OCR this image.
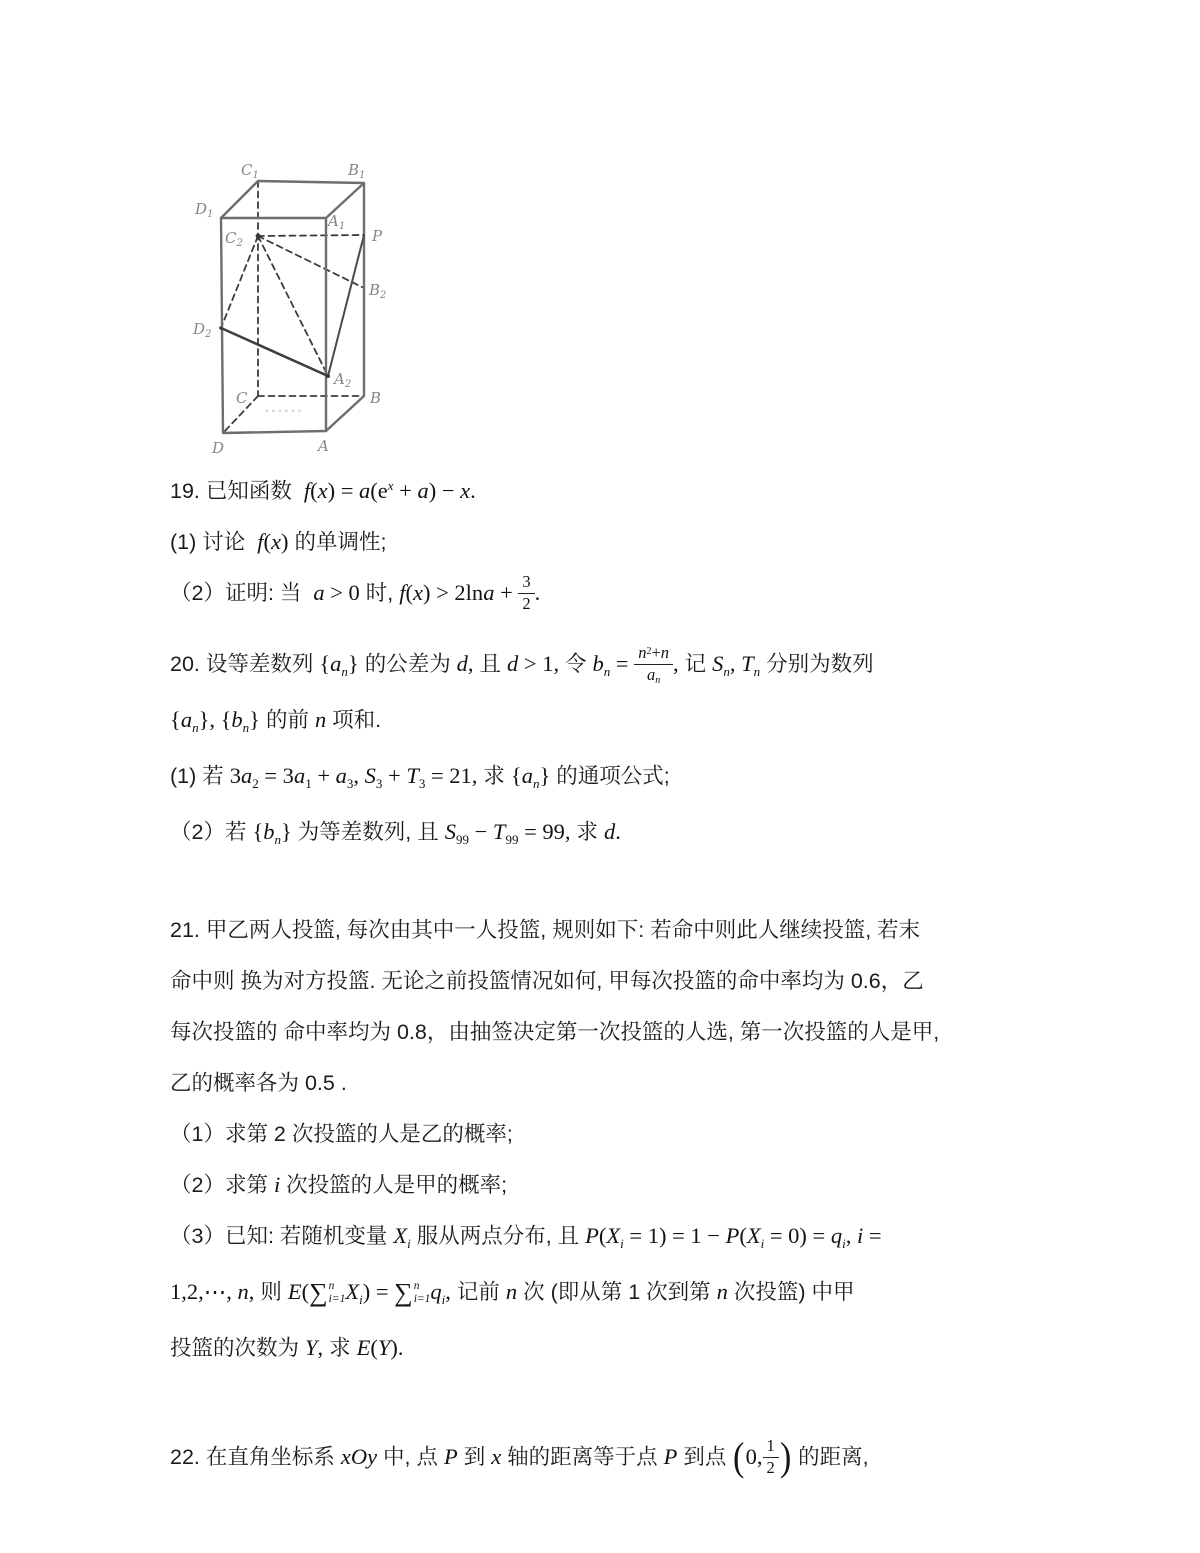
$C_1$	$B_1$
$D_1$	$A_1$
$C_2$	P
$B_2$
$D_2$
$A_2$
C	B
D	A
▪▪▪▪▪▪
19. 已知函数  $f(x) = a(e^x + a) - x$.
(1) 讨论  f(x) 的单调性;
（2）证明: 当  a > 0 时, $f(x) > 2\ln a + \frac{3}{2}$ .
20. 设等差数列 $\{a_n\}$ 的公差为 d, 且 d > 1, 令 $b_n = \frac{n^2+n}{an}$ , 记 $S_n$, $T_n$ 分别为数列
$\{a_n\}$, $\{b_n\}$ 的前 n 项和.
(1) 若 $3a_2 = 3a_1 + a_3$, $S_3 + T_3 = 21$, 求 $\{a_n\}$ 的通项公式;
（2）若 $\{b_n\}$ 为等差数列, 且 $S_{99} - T_{99} = 99$, 求 d.
21. 甲乙两人投篮, 每次由其中一人投篮, 规则如下: 若命中则此人继续投篮, 若末
命中则 换为对方投篮. 无论之前投篮情况如何, 甲每次投篮的命中率均为 0.6，乙
每次投篮的 命中率均为 0.8，由抽签决定第一次投篮的人选, 第一次投篮的人是甲,
乙的概率各为 0.5 .
（1）求第 2 次投篮的人是乙的概率;
（2）求第 i 次投篮的人是甲的概率;
（3）已知: 若随机变量 $X_i$ 服从两点分布, 且 $P(X_i = 1) = 1 - P(X_i = 0) = q_i$, i =
1,2,⋯, n, 则 E( ∑ n
i=1 $X_i$) = ∑ n
i=1 $q_i$, 记前 n 次 (即从第 1 次到第 n 次投篮) 中甲
投篮的次数为 Y, 求 E(Y).
22. 在直角坐标系 xOy 中, 点 P 到 x 轴的距离等于点 P 到点 (0, $\frac{1}{2}$ ) 的距离,
